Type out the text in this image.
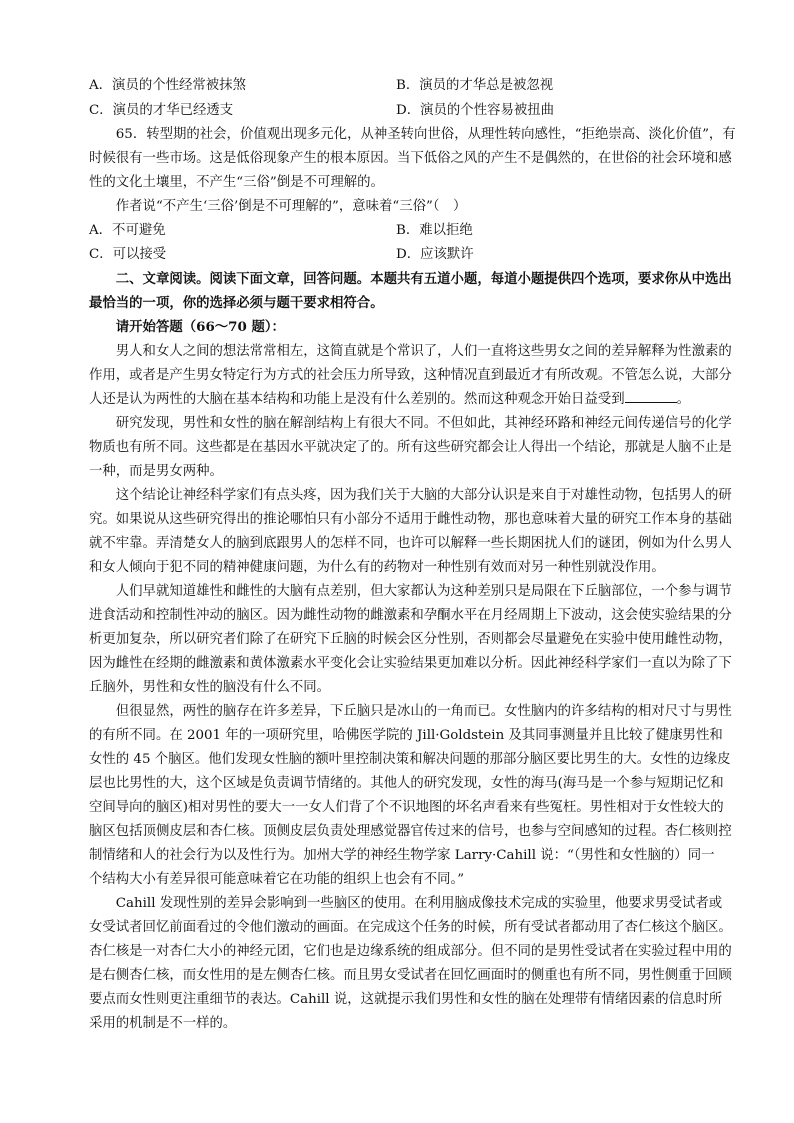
A．演员的个性经常被抹煞	B．演员的才华总是被忽视
C．演员的才华已经透支	D．演员的个性容易被扭曲
　　65．转型期的社会，价值观出现多元化，从神圣转向世俗，从理性转向感性，“拒绝崇高、淡化价值”，有
时候很有一些市场。这是低俗现象产生的根本原因。当下低俗之风的产生不是偶然的，在世俗的社会环境和感
性的文化土壤里，不产生“三俗”倒是不可理解的。
　　作者说“不产生‘三俗’倒是不可理解的”，意味着“三俗”（　）
A．不可避免	B．难以拒绝
C．可以接受	D．应该默许
　　二、文章阅读。阅读下面文章，回答问题。本题共有五道小题，每道小题提供四个选项，要求你从中选出
最恰当的一项，你的选择必须与题干要求相符合。
　　请开始答题（66～70 题）：
　　男人和女人之间的想法常常相左，这简直就是个常识了，人们一直将这些男女之间的差异解释为性激素的
作用，或者是产生男女特定行为方式的社会压力所导致，这种情况直到最近才有所改观。不管怎么说，大部分
人还是认为两性的大脑在基本结构和功能上是没有什么差别的。然而这种观念开始日益受到	。
　　研究发现，男性和女性的脑在解剖结构上有很大不同。不但如此，其神经环路和神经元间传递信号的化学
物质也有所不同。这些都是在基因水平就决定了的。所有这些研究都会让人得出一个结论，那就是人脑不止是
一种，而是男女两种。
　　这个结论让神经科学家们有点头疼，因为我们关于大脑的大部分认识是来自于对雄性动物，包括男人的研
究。如果说从这些研究得出的推论哪怕只有小部分不适用于雌性动物，那也意味着大量的研究工作本身的基础
就不牢靠。弄清楚女人的脑到底跟男人的怎样不同，也许可以解释一些长期困扰人们的谜团，例如为什么男人
和女人倾向于犯不同的精神健康问题，为什么有的药物对一种性别有效而对另一种性别就没作用。
　　人们早就知道雄性和雌性的大脑有点差别，但大家都认为这种差别只是局限在下丘脑部位，一个参与调节
进食活动和控制性冲动的脑区。因为雌性动物的雌激素和孕酮水平在月经周期上下波动，这会使实验结果的分
析更加复杂，所以研究者们除了在研究下丘脑的时候会区分性别，否则都会尽量避免在实验中使用雌性动物，
因为雌性在经期的雌激素和黄体激素水平变化会让实验结果更加难以分析。因此神经科学家们一直以为除了下
丘脑外，男性和女性的脑没有什么不同。
　　但很显然，两性的脑存在许多差异，下丘脑只是冰山的一角而已。女性脑内的许多结构的相对尺寸与男性
的有所不同。在 2001 年的一项研究里，哈佛医学院的 Jill·Goldstein 及其同事测量并且比较了健康男性和
女性的 45 个脑区。他们发现女性脑的额叶里控制决策和解决问题的那部分脑区要比男生的大。女性的边缘皮
层也比男性的大，这个区域是负责调节情绪的。其他人的研究发现，女性的海马(海马是一个参与短期记忆和
空间导向的脑区)相对男性的要大一一女人们背了个不识地图的坏名声看来有些冤枉。男性相对于女性较大的
脑区包括顶侧皮层和杏仁核。顶侧皮层负责处理感觉器官传过来的信号，也参与空间感知的过程。杏仁核则控
制情绪和人的社会行为以及性行为。加州大学的神经生物学家 Larry·Cahill 说：“（男性和女性脑的）同一
个结构大小有差异很可能意味着它在功能的组织上也会有不同。”
　　Cahill 发现性别的差异会影响到一些脑区的使用。在利用脑成像技术完成的实验里，他要求男受试者或
女受试者回忆前面看过的令他们激动的画面。在完成这个任务的时候，所有受试者都动用了杏仁核这个脑区。
杏仁核是一对杏仁大小的神经元团，它们也是边缘系统的组成部分。但不同的是男性受试者在实验过程中用的
是右侧杏仁核，而女性用的是左侧杏仁核。而且男女受试者在回忆画面时的侧重也有所不同，男性侧重于回顾
要点而女性则更注重细节的表达。Cahill 说，这就提示我们男性和女性的脑在处理带有情绪因素的信息时所
采用的机制是不一样的。
